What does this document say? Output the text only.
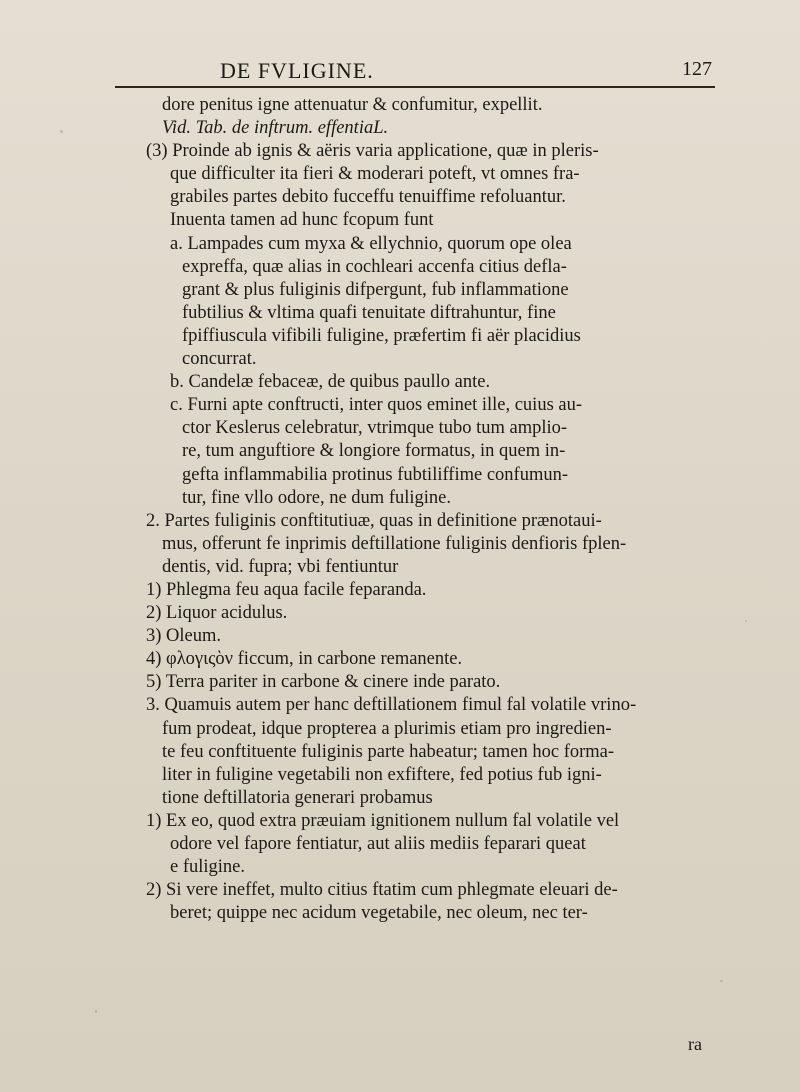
DE FVLIGINE.	127
dore penitus igne attenuatur & confumitur, expellit.
Vid. Tab. de inftrum. effentiaL.
(3) Proinde ab ignis & aëris varia applicatione, quæ in pleris-
que difficulter ita fieri & moderari poteft, vt omnes fra-
grabiles partes debito fucceffu tenuiffime refoluantur.
Inuenta tamen ad hunc fcopum funt
a. Lampades cum myxa & ellychnio, quorum ope olea
expreffa, quæ alias in cochleari accenfa citius defla-
grant & plus fuliginis difpergunt, fub inflammatione
fubtilius & vltima quafi tenuitate diftrahuntur, fine
fpiffiuscula vifibili fuligine, præfertim fi aër placidius
concurrat.
b. Candelæ febaceæ, de quibus paullo ante.
c. Furni apte conftructi, inter quos eminet ille, cuius au-
ctor Keslerus celebratur, vtrimque tubo tum amplio-
re, tum anguftiore & longiore formatus, in quem in-
gefta inflammabilia protinus fubtiliffime confumun-
tur, fine vllo odore, ne dum fuligine.
2. Partes fuliginis conftitutiuæ, quas in definitione prænotaui-
mus, offerunt fe inprimis deftillatione fuliginis denfioris fplen-
dentis, vid. fupra; vbi fentiuntur
1) Phlegma feu aqua facile feparanda.
2) Liquor acidulus.
3) Oleum.
4) φλογιςὸν ficcum, in carbone remanente.
5) Terra pariter in carbone & cinere inde parato.
3. Quamuis autem per hanc deftillationem fimul fal volatile vrino-
fum prodeat, idque propterea a plurimis etiam pro ingredien-
te feu conftituente fuliginis parte habeatur; tamen hoc forma-
liter in fuligine vegetabili non exfiftere, fed potius fub igni-
tione deftillatoria generari probamus
1) Ex eo, quod extra præuiam ignitionem nullum fal volatile vel
odore vel fapore fentiatur, aut aliis mediis feparari queat
e fuligine.
2) Si vere ineffet, multo citius ftatim cum phlegmate eleuari de-
beret; quippe nec acidum vegetabile, nec oleum, nec ter-
ra
